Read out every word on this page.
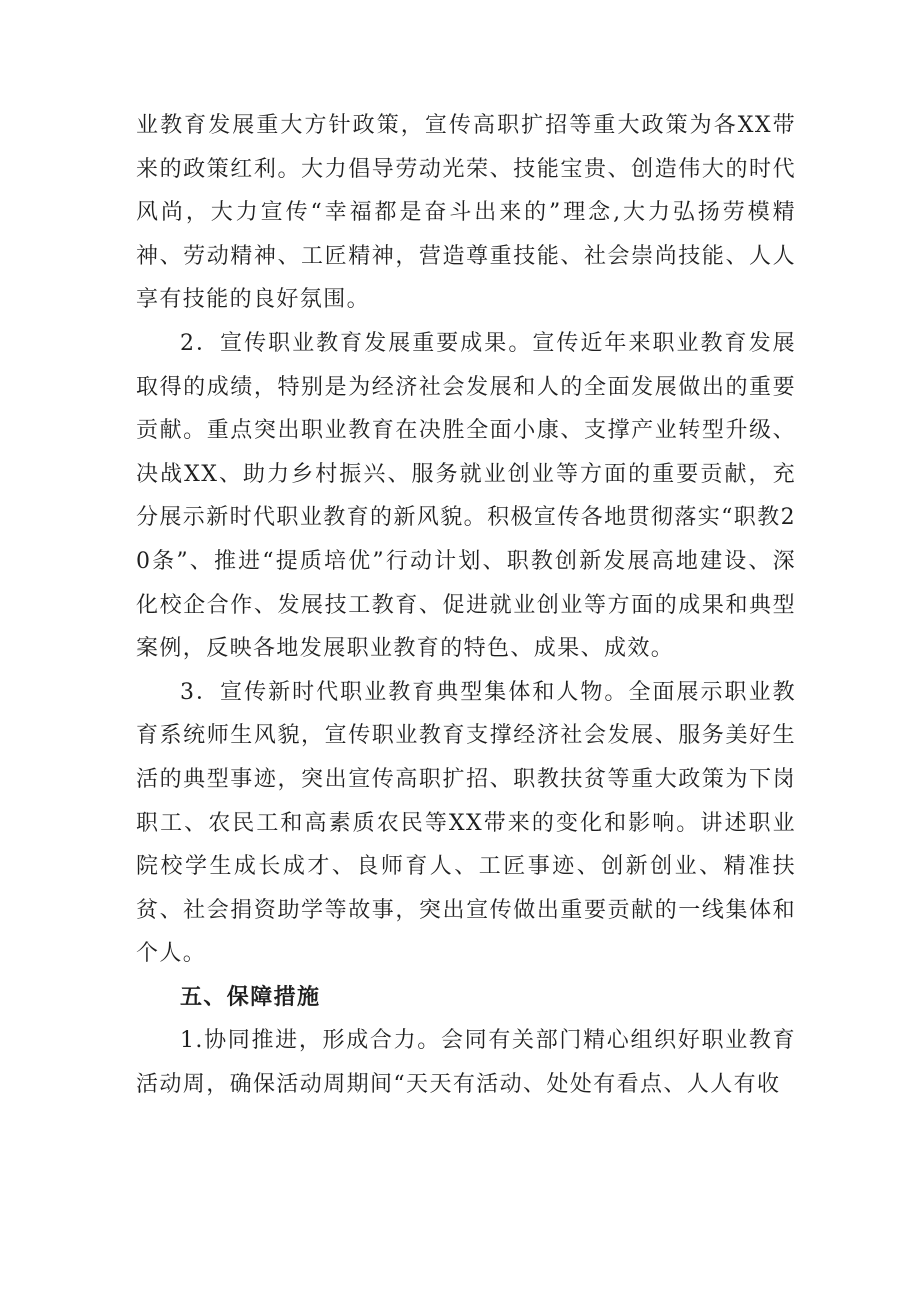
业教育发展重大方针政策，宣传高职扩招等重大政策为各XX带来的政策红利。大力倡导劳动光荣、技能宝贵、创造伟大的时代风尚，大力宣传“幸福都是奋斗出来的”理念,大力弘扬劳模精神、劳动精神、工匠精神，营造尊重技能、社会崇尚技能、人人享有技能的良好氛围。

2．宣传职业教育发展重要成果。宣传近年来职业教育发展取得的成绩，特别是为经济社会发展和人的全面发展做出的重要贡献。重点突出职业教育在决胜全面小康、支撑产业转型升级、决战XX、助力乡村振兴、服务就业创业等方面的重要贡献，充分展示新时代职业教育的新风貌。积极宣传各地贯彻落实“职教20条”、推进“提质培优”行动计划、职教创新发展高地建设、深化校企合作、发展技工教育、促进就业创业等方面的成果和典型案例，反映各地发展职业教育的特色、成果、成效。

3．宣传新时代职业教育典型集体和人物。全面展示职业教育系统师生风貌，宣传职业教育支撑经济社会发展、服务美好生活的典型事迹，突出宣传高职扩招、职教扶贫等重大政策为下岗职工、农民工和高素质农民等XX带来的变化和影响。讲述职业院校学生成长成才、良师育人、工匠事迹、创新创业、精准扶贫、社会捐资助学等故事，突出宣传做出重要贡献的一线集体和个人。

五、保障措施

1.协同推进，形成合力。会同有关部门精心组织好职业教育活动周，确保活动周期间“天天有活动、处处有看点、人人有收
